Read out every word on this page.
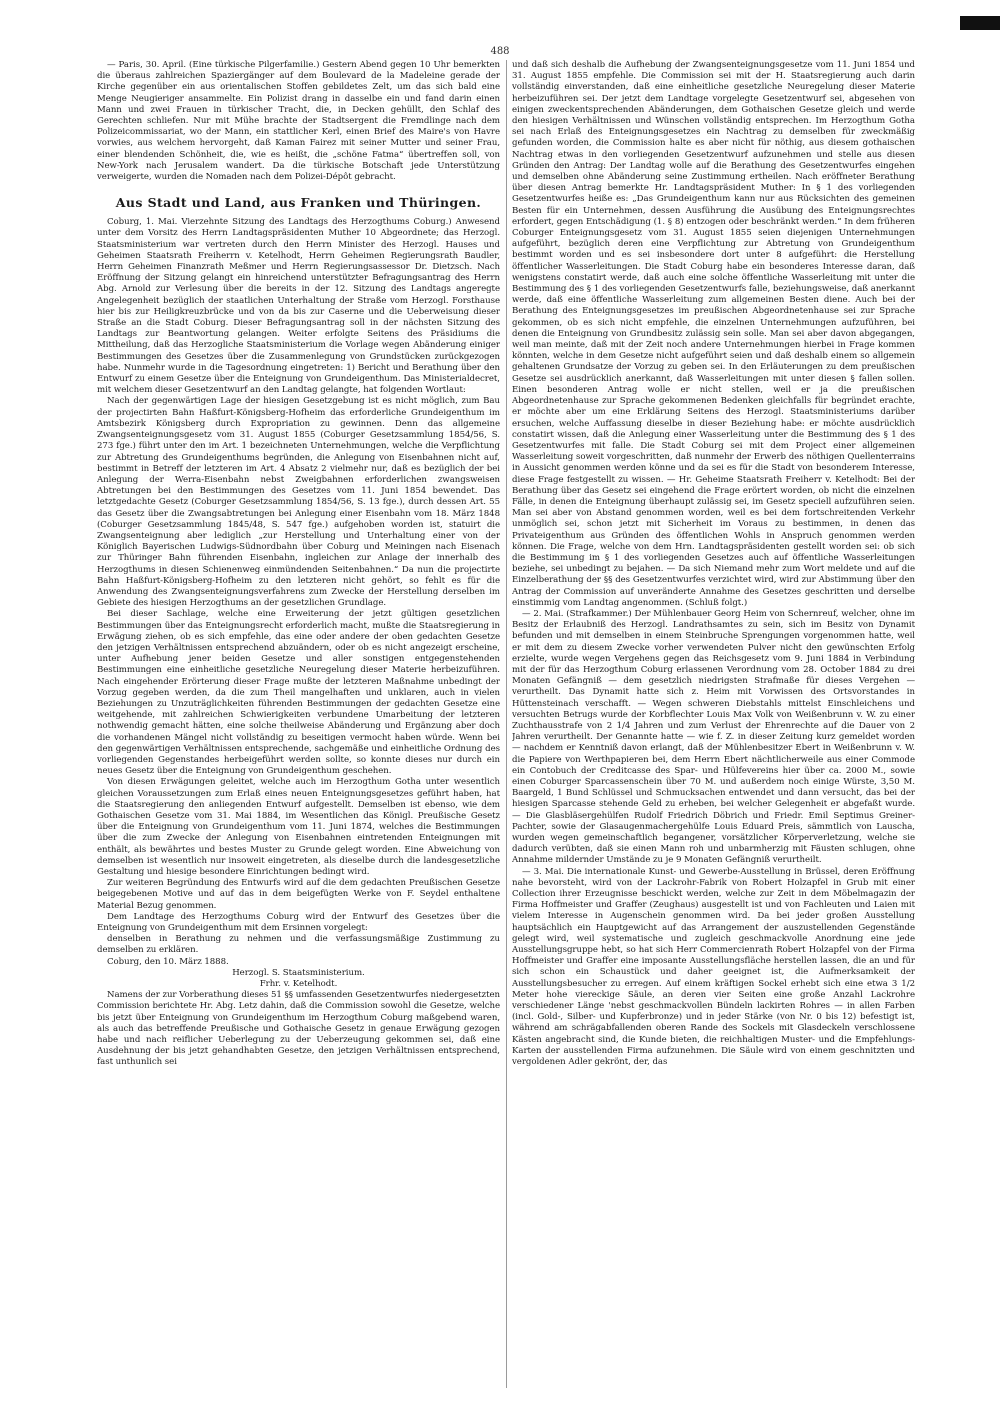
488

— Paris, 30. April. (Eine türkische Pilgerfamilie.) Gestern Abend gegen 10 Uhr bemerkten die überaus zahlreichen Spaziergänger auf dem Boulevard de la Madeleine gerade der Kirche gegenüber ein aus orientalischen Stoffen gebildetes Zelt, um das sich bald eine Menge Neugieriger ansammelte. Ein Polizist drang in dasselbe ein und fand darin einen Mann und zwei Frauen in türkischer Tracht, die, in Decken gehüllt, den Schlaf des Gerechten schliefen. Nur mit Mühe brachte der Stadtsergent die Fremdlinge nach dem Polizeicommissariat, wo der Mann, ein stattlicher Kerl, einen Brief des Maire's von Havre vorwies, aus welchem hervorgeht, daß Kaman Fairez mit seiner Mutter und seiner Frau, einer blendenden Schönheit, die, wie es heißt, die „schöne Fatma“ übertreffen soll, von New-York nach Jerusalem wandert. Da die türkische Botschaft jede Unterstützung verweigerte, wurden die Nomaden nach dem Polizei-Dépôt gebracht.

Aus Stadt und Land, aus Franken und Thüringen.

Coburg, 1. Mai. Vierzehnte Sitzung des Landtags des Herzogthums Coburg.) Anwesend unter dem Vorsitz des Herrn Landtagspräsidenten Muther 10 Abgeordnete; das Herzogl. Staatsministerium war vertreten durch den Herrn Minister des Herzogl. Hauses und Geheimen Staatsrath Freiherrn v. Ketelhodt, Herrn Geheimen Regierungsrath Baudler, Herrn Geheimen Finanzrath Meßmer und Herrn Regierungsassessor Dr. Dietzsch. Nach Eröffnung der Sitzung gelangt ein hinreichend unterstützter Befragungsantrag des Herrn Abg. Arnold zur Verlesung über die bereits in der 12. Sitzung des Landtags angeregte Angelegenheit bezüglich der staatlichen Unterhaltung der Straße vom Herzogl. Forsthause hier bis zur Heiligkreuzbrücke und von da bis zur Caserne und die Ueberweisung dieser Straße an die Stadt Coburg. Dieser Befragungsantrag soll in der nächsten Sitzung des Landtags zur Beantwortung gelangen. Weiter erfolgte Seitens des Präsidiums die Mittheilung, daß das Herzogliche Staatsministerium die Vorlage wegen Abänderung einiger Bestimmungen des Gesetzes über die Zusammenlegung von Grundstücken zurückgezogen habe. Nunmehr wurde in die Tagesordnung eingetreten: 1) Bericht und Berathung über den Entwurf zu einem Gesetze über die Enteignung von Grundeigenthum. Das Ministerialdecret, mit welchem dieser Gesetzentwurf an den Landtag gelangte, hat folgenden Wortlaut:

Nach der gegenwärtigen Lage der hiesigen Gesetzgebung ist es nicht möglich, zum Bau der projectirten Bahn Haßfurt-Königsberg-Hofheim das erforderliche Grundeigenthum im Amtsbezirk Königsberg durch Expropriation zu gewinnen. Denn das allgemeine Zwangsenteignungsgesetz vom 31. August 1855 (Coburger Gesetzsammlung 1854/56, S. 273 fge.) führt unter den im Art. 1 bezeichneten Unternehmungen, welche die Verpflichtung zur Abtretung des Grundeigenthums begründen, die Anlegung von Eisenbahnen nicht auf, bestimmt in Betreff der letzteren im Art. 4 Absatz 2 vielmehr nur, daß es bezüglich der bei Anlegung der Werra-Eisenbahn nebst Zweigbahnen erforderlichen zwangsweisen Abtretungen bei den Bestimmungen des Gesetzes vom 11. Juni 1854 bewendet. Das letztgedachte Gesetz (Coburger Gesetzsammlung 1854/56, S. 13 fge.), durch dessen Art. 55 das Gesetz über die Zwangsabtretungen bei Anlegung einer Eisenbahn vom 18. März 1848 (Coburger Gesetzsammlung 1845/48, S. 547 fge.) aufgehoben worden ist, statuirt die Zwangsenteignung aber lediglich „zur Herstellung und Unterhaltung einer von der Königlich Bayerischen Ludwigs-Südnordbahn über Coburg und Meiningen nach Eisenach zur Thüringer Bahn führenden Eisenbahn, ingleichen zur Anlage der innerhalb des Herzogthums in diesen Schienenweg einmündenden Seitenbahnen.“ Da nun die projectirte Bahn Haßfurt-Königsberg-Hofheim zu den letzteren nicht gehört, so fehlt es für die Anwendung des Zwangsenteignungsverfahrens zum Zwecke der Herstellung derselben im Gebiete des hiesigen Herzogthums an der gesetzlichen Grundlage.

Bei dieser Sachlage, welche eine Erweiterung der jetzt gültigen gesetzlichen Bestimmungen über das Enteignungsrecht erforderlich macht, mußte die Staatsregierung in Erwägung ziehen, ob es sich empfehle, das eine oder andere der oben gedachten Gesetze den jetzigen Verhältnissen entsprechend abzuändern, oder ob es nicht angezeigt erscheine, unter Aufhebung jener beiden Gesetze und aller sonstigen entgegenstehenden Bestimmungen eine einheitliche gesetzliche Neuregelung dieser Materie herbeizuführen. Nach eingehender Erörterung dieser Frage mußte der letzteren Maßnahme unbedingt der Vorzug gegeben werden, da die zum Theil mangelhaften und unklaren, auch in vielen Beziehungen zu Unzuträglichkeiten führenden Bestimmungen der gedachten Gesetze eine weitgehende, mit zahlreichen Schwierigkeiten verbundene Umarbeitung der letzteren nothwendig gemacht hätten, eine solche theilweise Abänderung und Ergänzung aber doch die vorhandenen Mängel nicht vollständig zu beseitigen vermocht haben würde. Wenn bei den gegenwärtigen Verhältnissen entsprechende, sachgemäße und einheitliche Ordnung des vorliegenden Gegenstandes herbeigeführt werden sollte, so konnte dieses nur durch ein neues Gesetz über die Enteignung von Grundeigenthum geschehen.

Von diesen Erwägungen geleitet, welche auch im Herzogthum Gotha unter wesentlich gleichen Voraussetzungen zum Erlaß eines neuen Enteignungsgesetzes geführt haben, hat die Staatsregierung den anliegenden Entwurf aufgestellt. Demselben ist ebenso, wie dem Gothaischen Gesetze vom 31. Mai 1884, im Wesentlichen das Königl. Preußische Gesetz über die Enteignung von Grundeigenthum vom 11. Juni 1874, welches die Bestimmungen über die zum Zwecke der Anlegung von Eisenbahnen eintretenden Enteignungen mit enthält, als bewährtes und bestes Muster zu Grunde gelegt worden. Eine Abweichung von demselben ist wesentlich nur insoweit eingetreten, als dieselbe durch die landesgesetzliche Gestaltung und hiesige besondere Einrichtungen bedingt wird.

Zur weiteren Begründung des Entwurfs wird auf die dem gedachten Preußischen Gesetze beigegebenen Motive und auf das in dem beigefügten Werke von F. Seydel enthaltene Material Bezug genommen.

Dem Landtage des Herzogthums Coburg wird der Entwurf des Gesetzes über die Enteignung von Grundeigenthum mit dem Ersinnen vorgelegt:

denselben in Berathung zu nehmen und die verfassungsmäßige Zustimmung zu demselben zu erklären.

Coburg, den 10. März 1888.

Herzogl. S. Staatsministerium.

Frhr. v. Ketelhodt.

Namens der zur Vorberathung dieses 51 §§ umfassenden Gesetzentwurfes niedergesetzten Commission berichtete Hr. Abg. Letz dahin, daß die Commission sowohl die Gesetze, welche bis jetzt über Enteignung von Grundeigenthum im Herzogthum Coburg maßgebend waren, als auch das betreffende Preußische und Gothaische Gesetz in genaue Erwägung gezogen habe und nach reiflicher Ueberlegung zu der Ueberzeugung gekommen sei, daß eine Ausdehnung der bis jetzt gehandhabten Gesetze, den jetzigen Verhältnissen entsprechend, fast unthunlich sei

und daß sich deshalb die Aufhebung der Zwangsenteignungsgesetze vom 11. Juni 1854 und 31. August 1855 empfehle. Die Commission sei mit der H. Staatsregierung auch darin vollständig einverstanden, daß eine einheitliche gesetzliche Neuregelung dieser Materie herbeizuführen sei. Der jetzt dem Landtage vorgelegte Gesetzentwurf sei, abgesehen von einigen zweckentsprechenden Abänderungen, dem Gothaischen Gesetze gleich und werde den hiesigen Verhältnissen und Wünschen vollständig entsprechen. Im Herzogthum Gotha sei nach Erlaß des Enteignungsgesetzes ein Nachtrag zu demselben für zweckmäßig gefunden worden, die Commission halte es aber nicht für nöthig, aus diesem gothaischen Nachtrag etwas in den vorliegenden Gesetzentwurf aufzunehmen und stelle aus diesen Gründen den Antrag: Der Landtag wolle auf die Berathung des Gesetzentwurfes eingehen und demselben ohne Abänderung seine Zustimmung ertheilen. Nach eröffneter Berathung über diesen Antrag bemerkte Hr. Landtagspräsident Muther: In § 1 des vorliegenden Gesetzentwurfes heiße es: „Das Grundeigenthum kann nur aus Rücksichten des gemeinen Besten für ein Unternehmen, dessen Ausführung die Ausübung des Enteignungsrechtes erfordert, gegen Entschädigung (1. § 8) entzogen oder beschränkt werden.“ In dem früheren Coburger Enteignungsgesetz vom 31. August 1855 seien diejenigen Unternehmungen aufgeführt, bezüglich deren eine Verpflichtung zur Abtretung von Grundeigenthum bestimmt worden und es sei insbesondere dort unter 8 aufgeführt: die Herstellung öffentlicher Wasserleitungen. Die Stadt Coburg habe ein besonderes Interesse daran, daß wenigstens constatirt werde, daß auch eine solche öffentliche Wasserleitung mit unter die Bestimmung des § 1 des vorliegenden Gesetzentwurfs falle, beziehungsweise, daß anerkannt werde, daß eine öffentliche Wasserleitung zum allgemeinen Besten diene. Auch bei der Berathung des Enteignungsgesetzes im preußischen Abgeordnetenhause sei zur Sprache gekommen, ob es sich nicht empfehle, die einzelnen Unternehmungen aufzuführen, bei denen die Enteignung von Grundbesitz zulässig sein solle. Man sei aber davon abgegangen, weil man meinte, daß mit der Zeit noch andere Unternehmungen hierbei in Frage kommen könnten, welche in dem Gesetze nicht aufgeführt seien und daß deshalb einem so allgemein gehaltenen Grundsatze der Vorzug zu geben sei. In den Erläuterungen zu dem preußischen Gesetze sei ausdrücklich anerkannt, daß Wasserleitungen mit unter diesen § fallen sollen. Einen besonderen Antrag wolle er nicht stellen, weil er ja die preußischen Abgeordnetenhause zur Sprache gekommenen Bedenken gleichfalls für begründet erachte, er möchte aber um eine Erklärung Seitens des Herzogl. Staatsministeriums darüber ersuchen, welche Auffassung dieselbe in dieser Beziehung habe: er möchte ausdrücklich constatirt wissen, daß die Anlegung einer Wasserleitung unter die Bestimmung des § 1 des Gesetzentwurfes mit falle. Die Stadt Coburg sei mit dem Project einer allgemeinen Wasserleitung soweit vorgeschritten, daß nunmehr der Erwerb des nöthigen Quellenterrains in Aussicht genommen werden könne und da sei es für die Stadt von besonderem Interesse, diese Frage festgestellt zu wissen. — Hr. Geheime Staatsrath Freiherr v. Ketelhodt: Bei der Berathung über das Gesetz sei eingehend die Frage erörtert worden, ob nicht die einzelnen Fälle, in denen die Enteignung überhaupt zulässig sei, im Gesetz speciell aufzuführen seien. Man sei aber von Abstand genommen worden, weil es bei dem fortschreitenden Verkehr unmöglich sei, schon jetzt mit Sicherheit im Voraus zu bestimmen, in denen das Privateigenthum aus Gründen des öffentlichen Wohls in Anspruch genommen werden können. Die Frage, welche von dem Hrn. Landtagspräsidenten gestellt worden sei: ob sich die Bestimmung im § 1 des vorliegenden Gesetzes auch auf öffentliche Wasserleitungen beziehe, sei unbedingt zu bejahen. — Da sich Niemand mehr zum Wort meldete und auf die Einzelberathung der §§ des Gesetzentwurfes verzichtet wird, wird zur Abstimmung über den Antrag der Commission auf unveränderte Annahme des Gesetzes geschritten und derselbe einstimmig vom Landtag angenommen. (Schluß folgt.)

— 2. Mai. (Strafkammer.) Der Mühlenbauer Georg Heim von Schernreuf, welcher, ohne im Besitz der Erlaubniß des Herzogl. Landrathsamtes zu sein, sich im Besitz von Dynamit befunden und mit demselben in einem Steinbruche Sprengungen vorgenommen hatte, weil er mit dem zu diesem Zwecke vorher verwendeten Pulver nicht den gewünschten Erfolg erzielte, wurde wegen Vergehens gegen das Reichsgesetz vom 9. Juni 1884 in Verbindung mit der für das Herzogthum Coburg erlassenen Verordnung vom 28. October 1884 zu drei Monaten Gefängniß — dem gesetzlich niedrigsten Strafmaße für dieses Vergehen — verurtheilt. Das Dynamit hatte sich z. Heim mit Vorwissen des Ortsvorstandes in Hüttensteinach verschafft. — Wegen schweren Diebstahls mittelst Einschleichens und versuchten Betrugs wurde der Korbflechter Louis Max Volk von Weißenbrunn v. W. zu einer Zuchthausstrafe von 2 1/4 Jahren und zum Verlust der Ehrenrechte auf die Dauer von 2 Jahren verurtheilt. Der Genannte hatte — wie f. Z. in dieser Zeitung kurz gemeldet worden — nachdem er Kenntniß davon erlangt, daß der Mühlenbesitzer Ebert in Weißenbrunn v. W. die Papiere von Werthpapieren bei, dem Herrn Ebert nächtlicherweile aus einer Commode ein Contobuch der Creditcasse des Spar- und Hülfevereins hier über ca. 2000 M., sowie einen Coburger Sparcassenschein über 70 M. und außerdem noch einige Würste, 3,50 M. Baargeld, 1 Bund Schlüssel und Schmucksachen entwendet und dann versucht, das bei der hiesigen Sparcasse stehende Geld zu erheben, bei welcher Gelegenheit er abgefaßt wurde. — Die Glasbläsergehülfen Rudolf Friedrich Döbrich und Friedr. Emil Septimus Greiner-Pachter, sowie der Glasaugenmachergehülfe Louis Eduard Preis, sämmtlich von Lauscha, wurden wegen gemeinschaftlich begangener, vorsätzlicher Körperverletzung, welche sie dadurch verübten, daß sie einen Mann roh und unbarmherzig mit Fäusten schlugen, ohne Annahme mildernder Umstände zu je 9 Monaten Gefängniß verurtheilt.

— 3. Mai. Die internationale Kunst- und Gewerbe-Ausstellung in Brüssel, deren Eröffnung nahe bevorsteht, wird von der Lackrohr-Fabrik von Robert Holzapfel in Grub mit einer Collection ihrer Erzeugnisse beschickt werden, welche zur Zeit in dem Möbelmagazin der Firma Hoffmeister und Graffer (Zeughaus) ausgestellt ist und von Fachleuten und Laien mit vielem Interesse in Augenschein genommen wird. Da bei jeder großen Ausstellung hauptsächlich ein Hauptgewicht auf das Arrangement der auszustellenden Gegenstände gelegt wird, weil systematische und zugleich geschmackvolle Anordnung eine jede Ausstellungsgruppe hebt, so hat sich Herr Commercienrath Robert Holzapfel von der Firma Hoffmeister und Graffer eine imposante Ausstellungsfläche herstellen lassen, die an und für sich schon ein Schaustück und daher geeignet ist, die Aufmerksamkeit der Ausstellungsbesucher zu erregen. Auf einem kräftigen Sockel erhebt sich eine etwa 3 1/2 Meter hohe viereckige Säule, an deren vier Seiten eine große Anzahl Lackrohre verschiedener Länge 'nebst geschmackvollen Bündeln lackirten Rohres — in allen Farben (incl. Gold-, Silber- und Kupferbronze) und in jeder Stärke (von Nr. 0 bis 12) befestigt ist, während am schrägabfallenden oberen Rande des Sockels mit Glasdeckeln verschlossene Kästen angebracht sind, die Kunde bieten, die reichhaltigen Muster- und die Empfehlungs-Karten der ausstellenden Firma aufzunehmen. Die Säule wird von einem geschnitzten und vergoldenen Adler gekrönt, der, das
